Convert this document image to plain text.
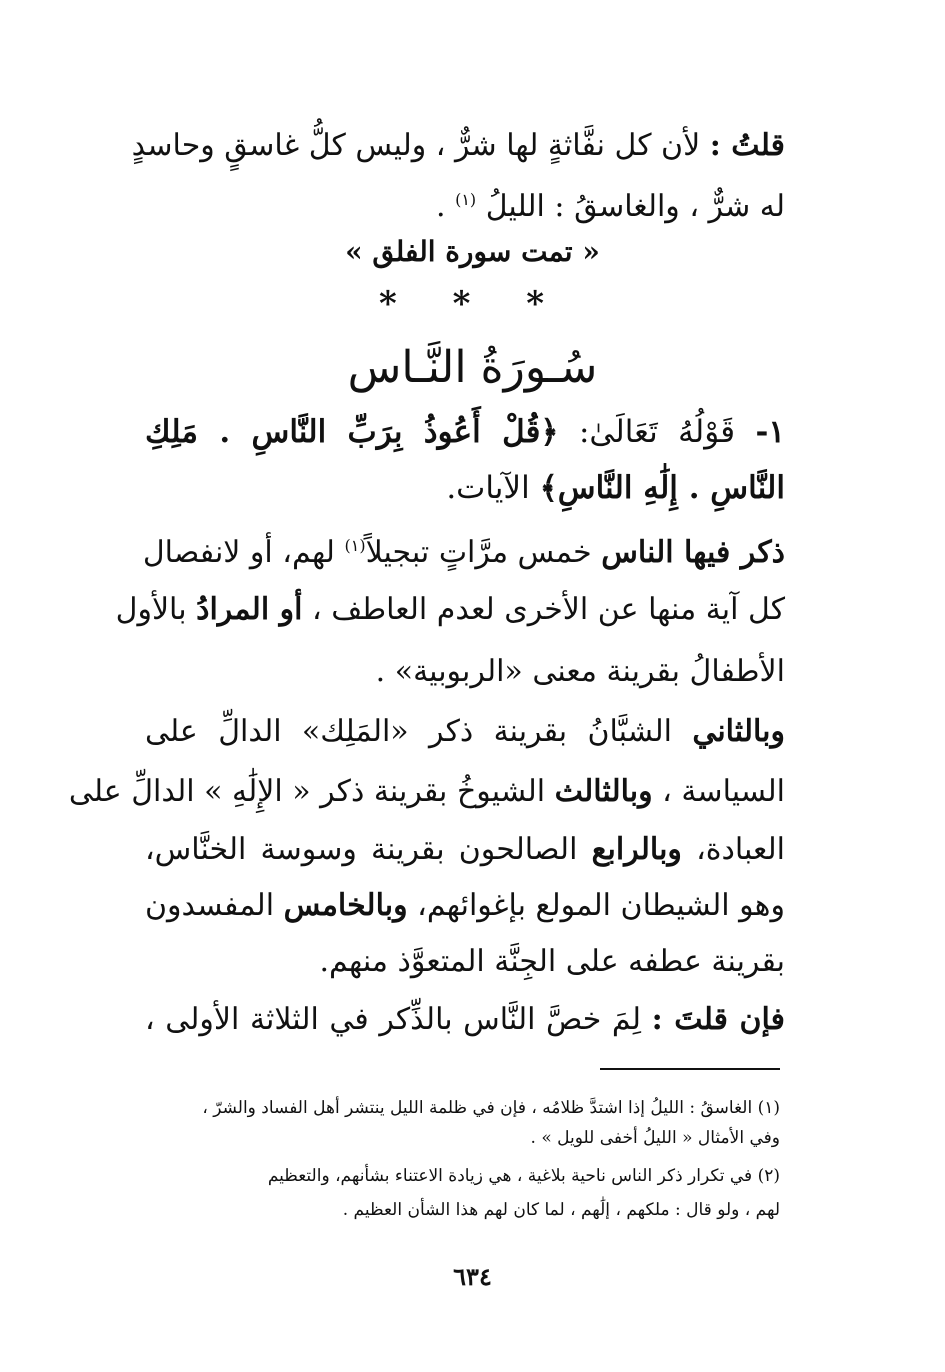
قلتُ : لأن كل نفَّاثةٍ لها شرٌّ ، وليس كلُّ غاسقٍ وحاسدٍ
له شرٌّ ، والغاسقُ : الليلُ $^{(١)}$ .
« تمت سورة الفلق »
* * *
سُـورَةُ النَّـاس
١- قَوْلُهُ تَعَالَىٰ: ﴿قُلْ أَعُوذُ بِرَبِّ النَّاسِ . مَلِكِ
النَّاسِ . إِلَٰهِ النَّاسِ﴾ الآيات.
ذكر فيها الناس خمس مرَّاتٍ تبجيلاً$^{(١)}$ لهم، أو لانفصال
كل آية منها عن الأخرى لعدم العاطف ، أو المرادُ بالأول
الأطفالُ بقرينة معنى «الربوبية» .
وبالثاني الشبَّانُ بقرينة ذكر «المَلِك» الدالِّ على
السياسة ، وبالثالث الشيوخُ بقرينة ذكر « الإِلَٰهِ » الدالِّ على
العبادة، وبالرابع الصالحون بقرينة وسوسة الخنَّاس،
وهو الشيطان المولع بإغوائهم، وبالخامس المفسدون
بقرينة عطفه على الجِنَّة المتعوَّذ منهم.
فإن قلتَ : لِمَ خصَّ النَّاس بالذِّكر في الثلاثة الأولى ،
(١) الغاسقُ : الليلُ إذا اشتدَّ ظلامُه ، فإن في ظلمة الليل ينتشر أهل الفساد والشرّ ،
وفي الأمثال « الليلُ أخفى للويل » .
(٢) في تكرار ذكر الناس ناحية بلاغية ، هي زيادة الاعتناء بشأنهم، والتعظيم
لهم ، ولو قال : ملكهم ، إلَٰهم ، لما كان لهم هذا الشأن العظيم .
٦٣٤
